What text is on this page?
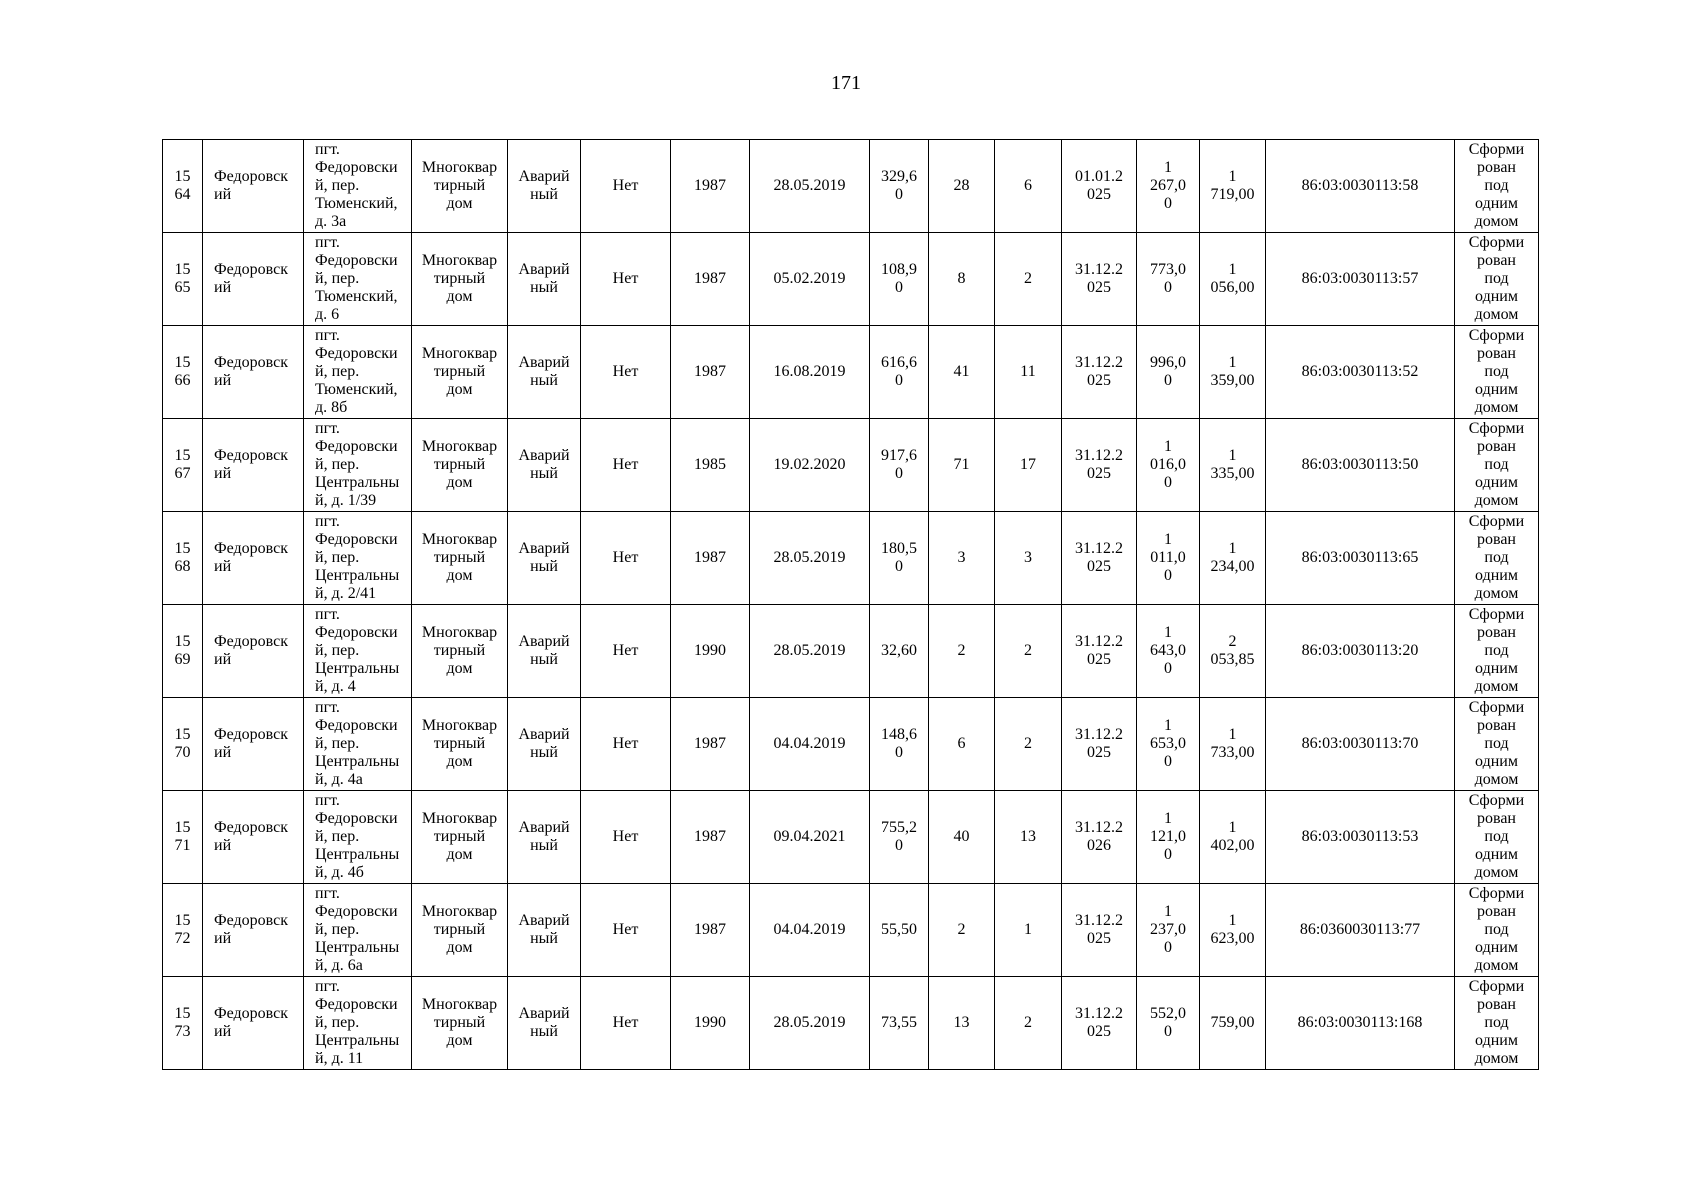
171
15
64	Федоровск
ий	пгт.
Федоровски
й, пер.
Тюменский,
д. 3а	Многоквар
тирный
дом	Аварий
ный	Нет	1987	28.05.2019	329,6
0	28	6	01.01.2
025	1
267,0
0	1
719,00	86:03:0030113:58	Сформи
рован
под
одним
домом
15
65	Федоровск
ий	пгт.
Федоровски
й, пер.
Тюменский,
д. 6	Многоквар
тирный
дом	Аварий
ный	Нет	1987	05.02.2019	108,9
0	8	2	31.12.2
025	773,0
0	1
056,00	86:03:0030113:57	Сформи
рован
под
одним
домом
15
66	Федоровск
ий	пгт.
Федоровски
й, пер.
Тюменский,
д. 8б	Многоквар
тирный
дом	Аварий
ный	Нет	1987	16.08.2019	616,6
0	41	11	31.12.2
025	996,0
0	1
359,00	86:03:0030113:52	Сформи
рован
под
одним
домом
15
67	Федоровск
ий	пгт.
Федоровски
й, пер.
Центральны
й, д. 1/39	Многоквар
тирный
дом	Аварий
ный	Нет	1985	19.02.2020	917,6
0	71	17	31.12.2
025	1
016,0
0	1
335,00	86:03:0030113:50	Сформи
рован
под
одним
домом
15
68	Федоровск
ий	пгт.
Федоровски
й, пер.
Центральны
й, д. 2/41	Многоквар
тирный
дом	Аварий
ный	Нет	1987	28.05.2019	180,5
0	3	3	31.12.2
025	1
011,0
0	1
234,00	86:03:0030113:65	Сформи
рован
под
одним
домом
15
69	Федоровск
ий	пгт.
Федоровски
й, пер.
Центральны
й, д. 4	Многоквар
тирный
дом	Аварий
ный	Нет	1990	28.05.2019	32,60	2	2	31.12.2
025	1
643,0
0	2
053,85	86:03:0030113:20	Сформи
рован
под
одним
домом
15
70	Федоровск
ий	пгт.
Федоровски
й, пер.
Центральны
й, д. 4а	Многоквар
тирный
дом	Аварий
ный	Нет	1987	04.04.2019	148,6
0	6	2	31.12.2
025	1
653,0
0	1
733,00	86:03:0030113:70	Сформи
рован
под
одним
домом
15
71	Федоровск
ий	пгт.
Федоровски
й, пер.
Центральны
й, д. 4б	Многоквар
тирный
дом	Аварий
ный	Нет	1987	09.04.2021	755,2
0	40	13	31.12.2
026	1
121,0
0	1
402,00	86:03:0030113:53	Сформи
рован
под
одним
домом
15
72	Федоровск
ий	пгт.
Федоровски
й, пер.
Центральны
й, д. 6а	Многоквар
тирный
дом	Аварий
ный	Нет	1987	04.04.2019	55,50	2	1	31.12.2
025	1
237,0
0	1
623,00	86:0360030113:77	Сформи
рован
под
одним
домом
15
73	Федоровск
ий	пгт.
Федоровски
й, пер.
Центральны
й, д. 11	Многоквар
тирный
дом	Аварий
ный	Нет	1990	28.05.2019	73,55	13	2	31.12.2
025	552,0
0	759,00	86:03:0030113:168	Сформи
рован
под
одним
домом
